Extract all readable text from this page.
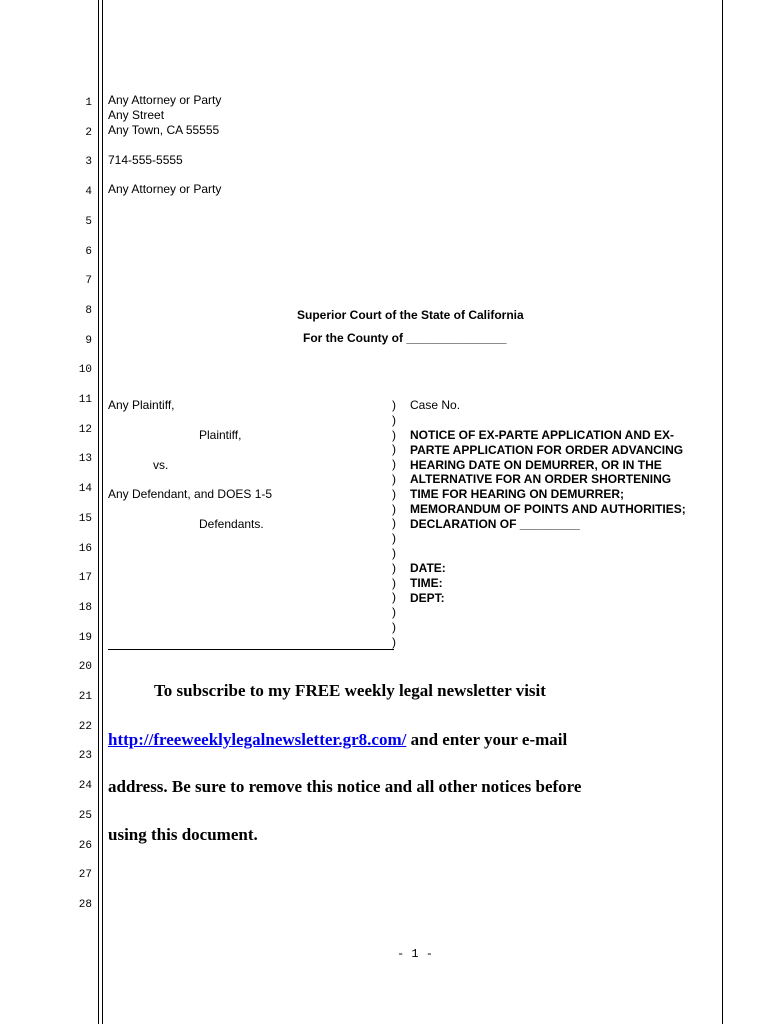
1
2
3
4
5
6
7
8
9
10
11
12
13
14
15
16
17
18
19
20
21
22
23
24
25
26
27
28
Any Attorney or Party
Any Street
Any Town, CA 55555
714-555-5555
Any Attorney or Party
Superior Court of the State of California
For the County of _______________
Any Plaintiff,
Plaintiff,
vs.
Any Defendant, and DOES 1-5
Defendants.
)
)
)
)
)
)
)
)
)
)
)
)
)
)
)
)
)
Case No.
NOTICE OF EX-PARTE APPLICATION AND EX-PARTE APPLICATION FOR ORDER ADVANCING HEARING DATE ON DEMURRER, OR IN THE ALTERNATIVE FOR AN ORDER SHORTENING TIME FOR HEARING ON DEMURRER; MEMORANDUM OF POINTS AND AUTHORITIES; DECLARATION OF _________
DATE:
TIME:
DEPT:
To subscribe to my FREE weekly legal newsletter visit
http://freeweeklylegalnewsletter.gr8.com/ and enter your e-mail
address. Be sure to remove this notice and all other notices before
using this document.
- 1 -
